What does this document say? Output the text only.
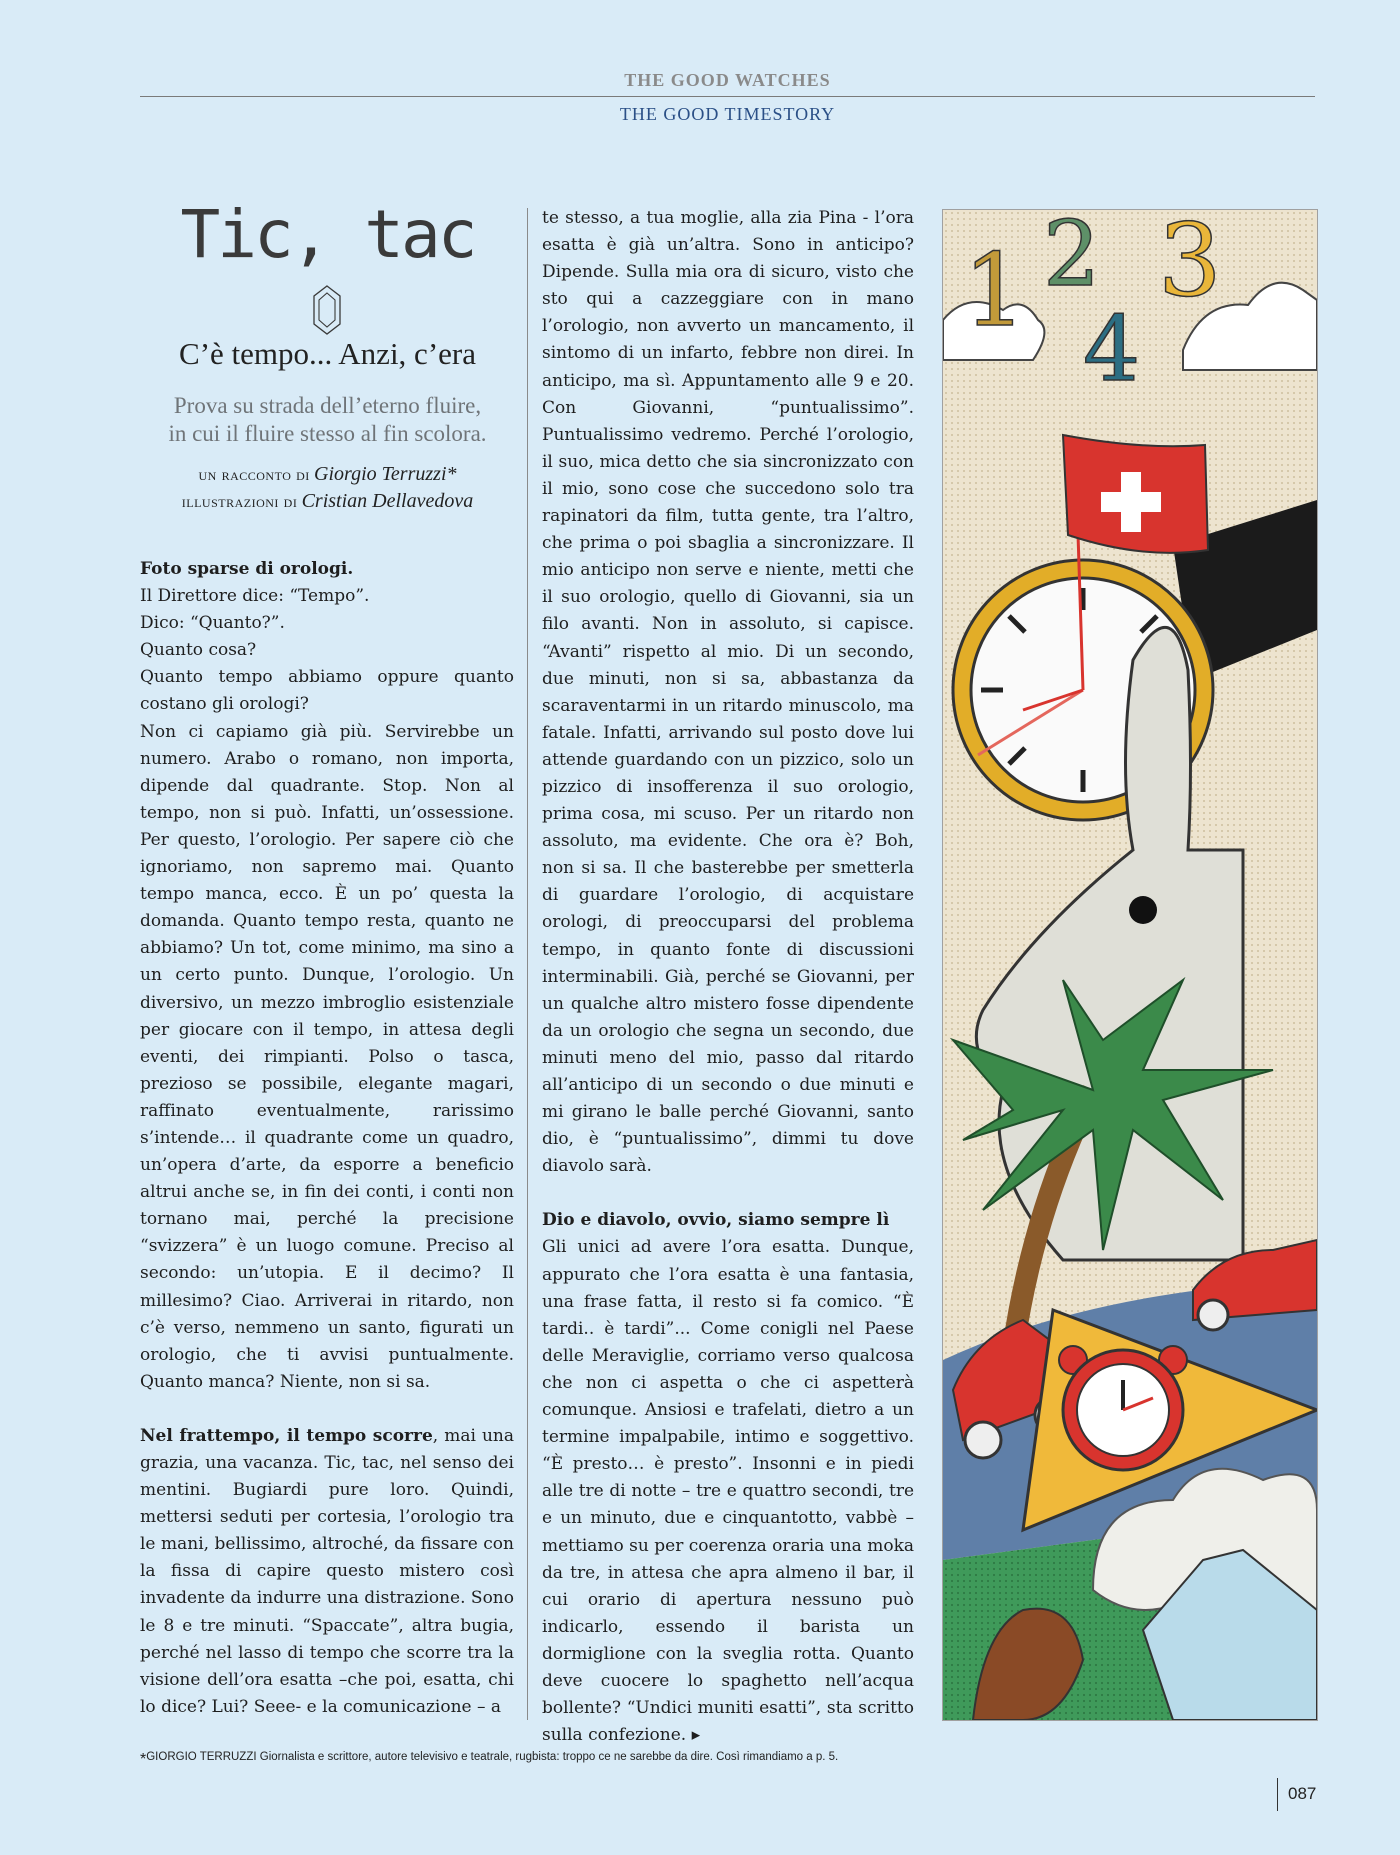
THE GOOD WATCHES
THE GOOD TIMESTORY
Tic, tac
C’è tempo... Anzi, c’era
Prova su strada dell’eterno fluire,
in cui il fluire stesso al fin scolora.
un racconto di Giorgio Terruzzi*
illustrazioni di Cristian Dellavedova

Foto sparse di orologi.

Il Direttore dice: “Tempo”.

Dico: “Quanto?”.

Quanto cosa?

Quanto tempo abbiamo oppure quanto costano gli orologi?

Non ci capiamo già più. Servirebbe un numero. Arabo o romano, non importa, dipende dal quadrante. Stop. Non al tempo, non si può. Infatti, un’ossessione. Per questo, l’orologio. Per sapere ciò che ignoriamo, non sapremo mai. Quanto tempo manca, ecco. È un po’ questa la domanda. Quanto tempo resta, quanto ne abbiamo? Un tot, come minimo, ma sino a un certo punto. Dunque, l’orologio. Un diversivo, un mezzo imbroglio esistenziale per giocare con il tempo, in attesa degli eventi, dei rimpianti. Polso o tasca, prezioso se possibile, elegante magari, raffinato eventualmente, rarissimo s’intende… il quadrante come un quadro, un’opera d’arte, da esporre a beneficio altrui anche se, in fin dei conti, i conti non tornano mai, perché la precisione “svizzera” è un luogo comune. Preciso al secondo: un’utopia. E il decimo? Il millesimo? Ciao. Arriverai in ritardo, non c’è verso, nemmeno un santo, figurati un orologio, che ti avvisi puntualmente. Quanto manca? Niente, non si sa.

Nel frattempo, il tempo scorre, mai una grazia, una vacanza. Tic, tac, nel senso dei mentini. Bugiardi pure loro. Quindi, mettersi seduti per cortesia, l’orologio tra le mani, bellissimo, altroché, da fissare con la fissa di capire questo mistero così invadente da indurre una distrazione. Sono le 8 e tre minuti. “Spaccate”, altra bugia, perché nel lasso di tempo che scorre tra la visione dell’ora esatta –che poi, esatta, chi lo dice? Lui? Seee- e la comunicazione – a

te stesso, a tua moglie, alla zia Pina - l’ora esatta è già un’altra. Sono in anticipo? Dipende. Sulla mia ora di sicuro, visto che sto qui a cazzeggiare con in mano l’orologio, non avverto un mancamento, il sintomo di un infarto, febbre non direi. In anticipo, ma sì. Appuntamento alle 9 e 20. Con Giovanni, “puntualissimo”. Puntualissimo vedremo. Perché l’orologio, il suo, mica detto che sia sincronizzato con il mio, sono cose che succedono solo tra rapinatori da film, tutta gente, tra l’altro, che prima o poi sbaglia a sincronizzare. Il mio anticipo non serve e niente, metti che il suo orologio, quello di Giovanni, sia un filo avanti. Non in assoluto, si capisce. “Avanti” rispetto al mio. Di un secondo, due minuti, non si sa, abbastanza da scaraventarmi in un ritardo minuscolo, ma fatale. Infatti, arrivando sul posto dove lui attende guardando con un pizzico, solo un pizzico di insofferenza il suo orologio, prima cosa, mi scuso. Per un ritardo non assoluto, ma evidente. Che ora è? Boh, non si sa. Il che basterebbe per smetterla di guardare l’orologio, di acquistare orologi, di preoccuparsi del problema tempo, in quanto fonte di discussioni interminabili. Già, perché se Giovanni, per un qualche altro mistero fosse dipendente da un orologio che segna un secondo, due minuti meno del mio, passo dal ritardo all’anticipo di un secondo o due minuti e mi girano le balle perché Giovanni, santo dio, è “puntualissimo”, dimmi tu dove diavolo sarà.

Dio e diavolo, ovvio, siamo sempre lì

Gli unici ad avere l’ora esatta. Dunque, appurato che l’ora esatta è una fantasia, una frase fatta, il resto si fa comico. “È tardi.. è tardi”... Come conigli nel Paese delle Meraviglie, corriamo verso qualcosa che non ci aspetta o che ci aspetterà comunque. Ansiosi e trafelati, dietro a un termine impalpabile, intimo e soggettivo. “È presto… è presto”. Insonni e in piedi alle tre di notte – tre e quattro secondi, tre e un minuto, due e cinquantotto, vabbè – mettiamo su per coerenza oraria una moka da tre, in attesa che apra almeno il bar, il cui orario di apertura nessuno può indicarlo, essendo il barista un dormiglione con la sveglia rotta. Quanto deve cuocere lo spaghetto nell’acqua bollente? “Undici muniti esatti”, sta scritto sulla confezione. ▸

1 2 3
4
*GIORGIO TERRUZZI Giornalista e scrittore, autore televisivo e teatrale, rugbista: troppo ce ne sarebbe da dire. Così rimandiamo a p. 5.
087
